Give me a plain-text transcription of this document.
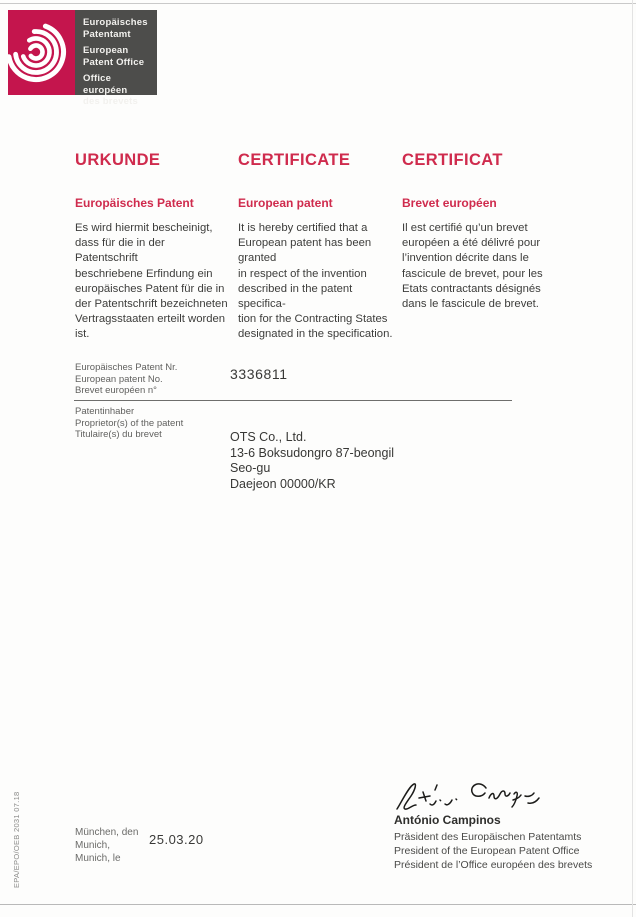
Europäisches
Patentamt
European
Patent Office
Office européen
des brevets
URKUNDE
Europäisches Patent
Es wird hiermit bescheinigt,
dass für die in der Patentschrift
beschriebene Erfindung ein
europäisches Patent für die in
der Patentschrift bezeichneten
Vertragsstaaten erteilt worden ist.
CERTIFICATE
European patent
It is hereby certified that a
European patent has been granted
in respect of the invention
described in the patent specifica-
tion for the Contracting States
designated in the specification.
CERTIFICAT
Brevet européen
Il est certifié qu’un brevet
européen a été délivré pour
l’invention décrite dans le
fascicule de brevet, pour les
Etats contractants désignés
dans le fascicule de brevet.
Europäisches Patent Nr.
European patent No.
Brevet européen n°
3336811
Patentinhaber
Proprietor(s) of the patent
Titulaire(s) du brevet	OTS Co., Ltd.
13-6 Boksudongro 87-beongil
Seo-gu
Daejeon 00000/KR
António Campinos
Präsident des Europäischen Patentamts
President of the European Patent Office
Président de l’Office européen des brevets
München, den
Munich,
Munich, le
25.03.20
EPA/EPO/OEB 2031 07.18
